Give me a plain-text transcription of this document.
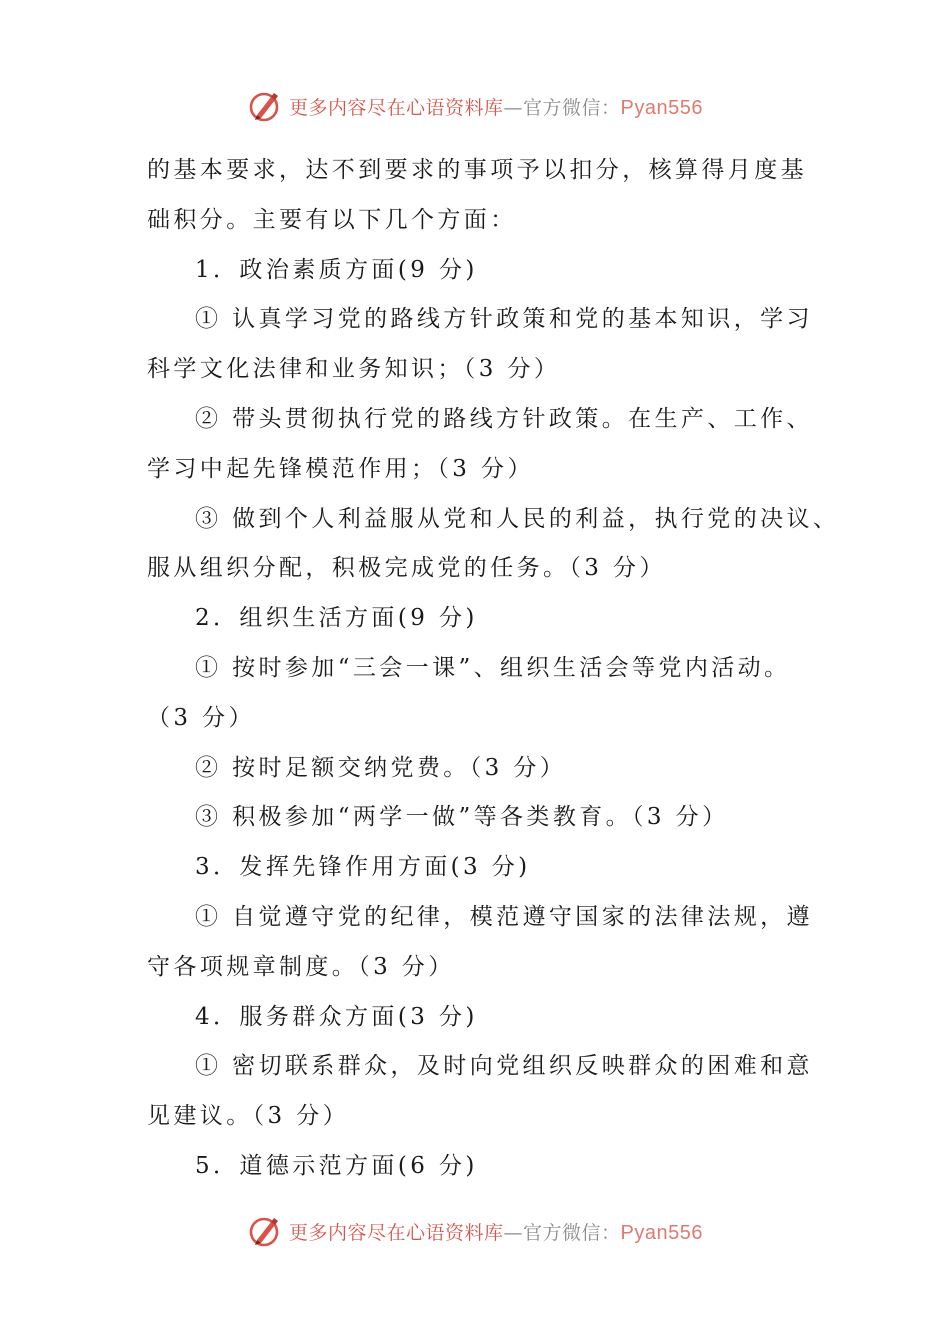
更多内容尽在心语资料库—官方微信：Pyan556
的基本要求，达不到要求的事项予以扣分，核算得月度基
础积分。主要有以下几个方面：
1．政治素质方面(9 分)
① 认真学习党的路线方针政策和党的基本知识，学习
科学文化法律和业务知识；（3 分）
② 带头贯彻执行党的路线方针政策。在生产、工作、
学习中起先锋模范作用；（3 分）
③ 做到个人利益服从党和人民的利益，执行党的决议、
服从组织分配，积极完成党的任务。（3 分）
2．组织生活方面(9 分)
① 按时参加“三会一课”、组织生活会等党内活动。
（3 分）
② 按时足额交纳党费。（3 分）
③ 积极参加“两学一做”等各类教育。（3 分）
3．发挥先锋作用方面(3 分)
① 自觉遵守党的纪律，模范遵守国家的法律法规，遵
守各项规章制度。（3 分）
4．服务群众方面(3 分)
① 密切联系群众，及时向党组织反映群众的困难和意
见建议。（3 分）
5．道德示范方面(6 分)
更多内容尽在心语资料库—官方微信：Pyan556
